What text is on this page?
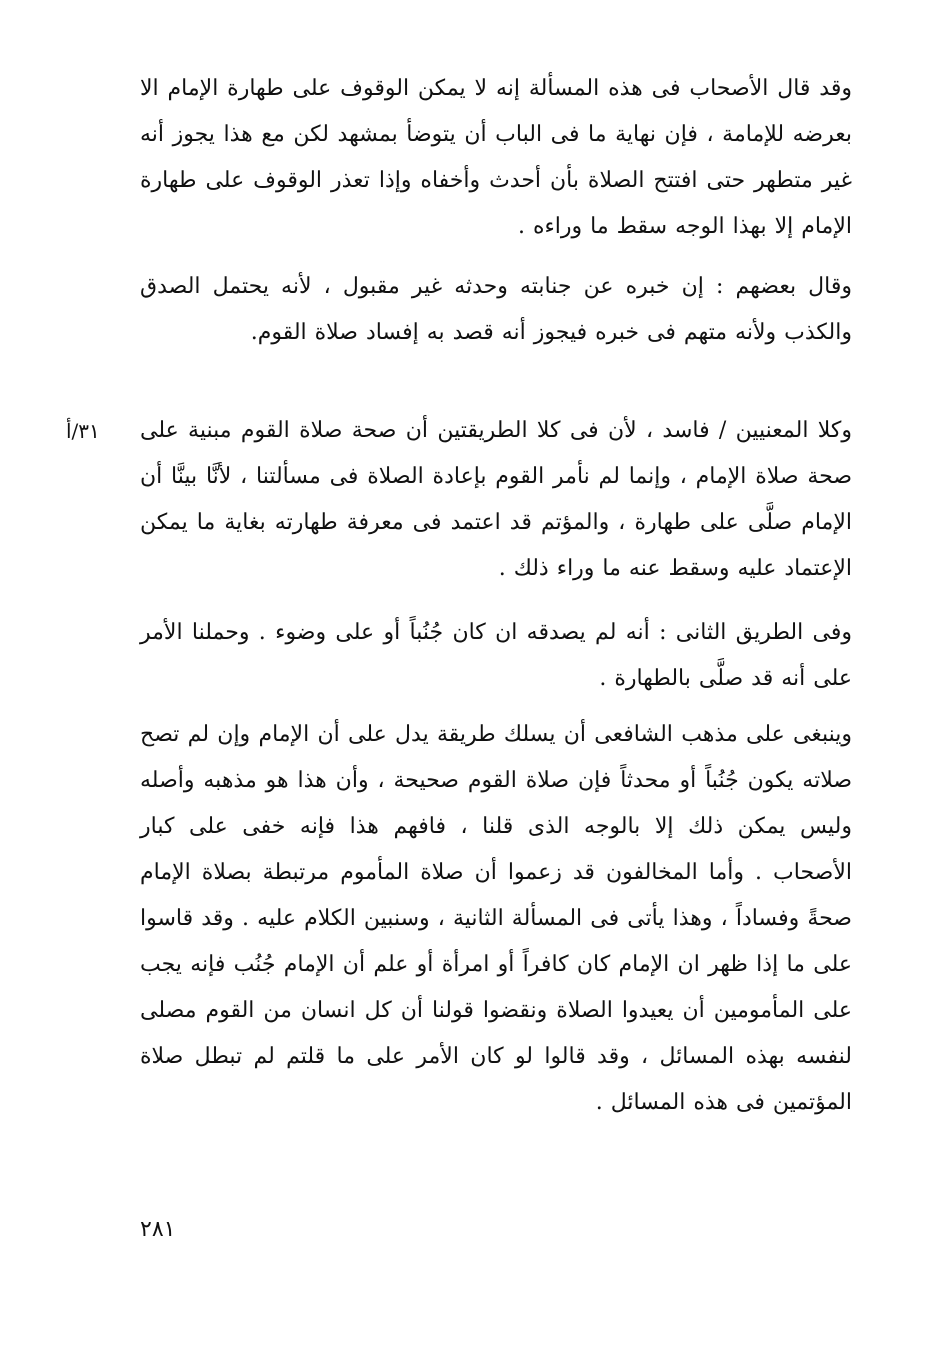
وقد قال الأصحاب فى هذه المسألة إنه لا يمكن الوقوف على طهارة الإمام الا بعرضه للإمامة ، فإن نهاية ما فى الباب أن يتوضأ بمشهد لكن مع هذا يجوز أنه غير متطهر حتى افتتح الصلاة بأن أحدث وأخفاه وإذا تعذر الوقوف على طهارة الإمام إلا بهذا الوجه سقط ما وراءه .

وقال بعضهم : إن خبره عن جنابته وحدثه غير مقبول ، لأنه يحتمل الصدق والكذب ولأنه متهم فى خبره فيجوز أنه قصد به إفساد صلاة القوم.

٣١/أ	وكلا المعنيين / فاسد ، لأن فى كلا الطريقتين أن صحة صلاة القوم مبنية على صحة صلاة الإمام ، وإنما لم نأمر القوم بإعادة الصلاة فى مسألتنا ، لأنَّا بينَّا أن الإمام صلَّى على طهارة ، والمؤتم قد اعتمد فى معرفة طهارته بغاية ما يمكن الإعتماد عليه وسقط عنه ما وراء ذلك .

وفى الطريق الثانى : أنه لم يصدقه ان كان جُنُباً أو على وضوء . وحملنا الأمر على أنه قد صلَّى بالطهارة .

وينبغى على مذهب الشافعى أن يسلك طريقة يدل على أن الإمام وإن لم تصح صلاته يكون جُنُباً أو محدثاً فإن صلاة القوم صحيحة ، وأن هذا هو مذهبه وأصله وليس يمكن ذلك إلا بالوجه الذى قلنا ، فافهم هذا فإنه خفى على كبار الأصحاب . وأما المخالفون قد زعموا أن صلاة المأموم مرتبطة بصلاة الإمام صحةً وفساداً ، وهذا يأتى فى المسألة الثانية ، وسنبين الكلام عليه . وقد قاسوا على ما إذا ظهر ان الإمام كان كافراً أو امرأة أو علم أن الإمام جُنُب فإنه يجب على المأمومين أن يعيدوا الصلاة ونقضوا قولنا أن كل انسان من القوم مصلى لنفسه بهذه المسائل ، وقد قالوا لو كان الأمر على ما قلتم لم تبطل صلاة المؤتمين فى هذه المسائل .

٢٨١
